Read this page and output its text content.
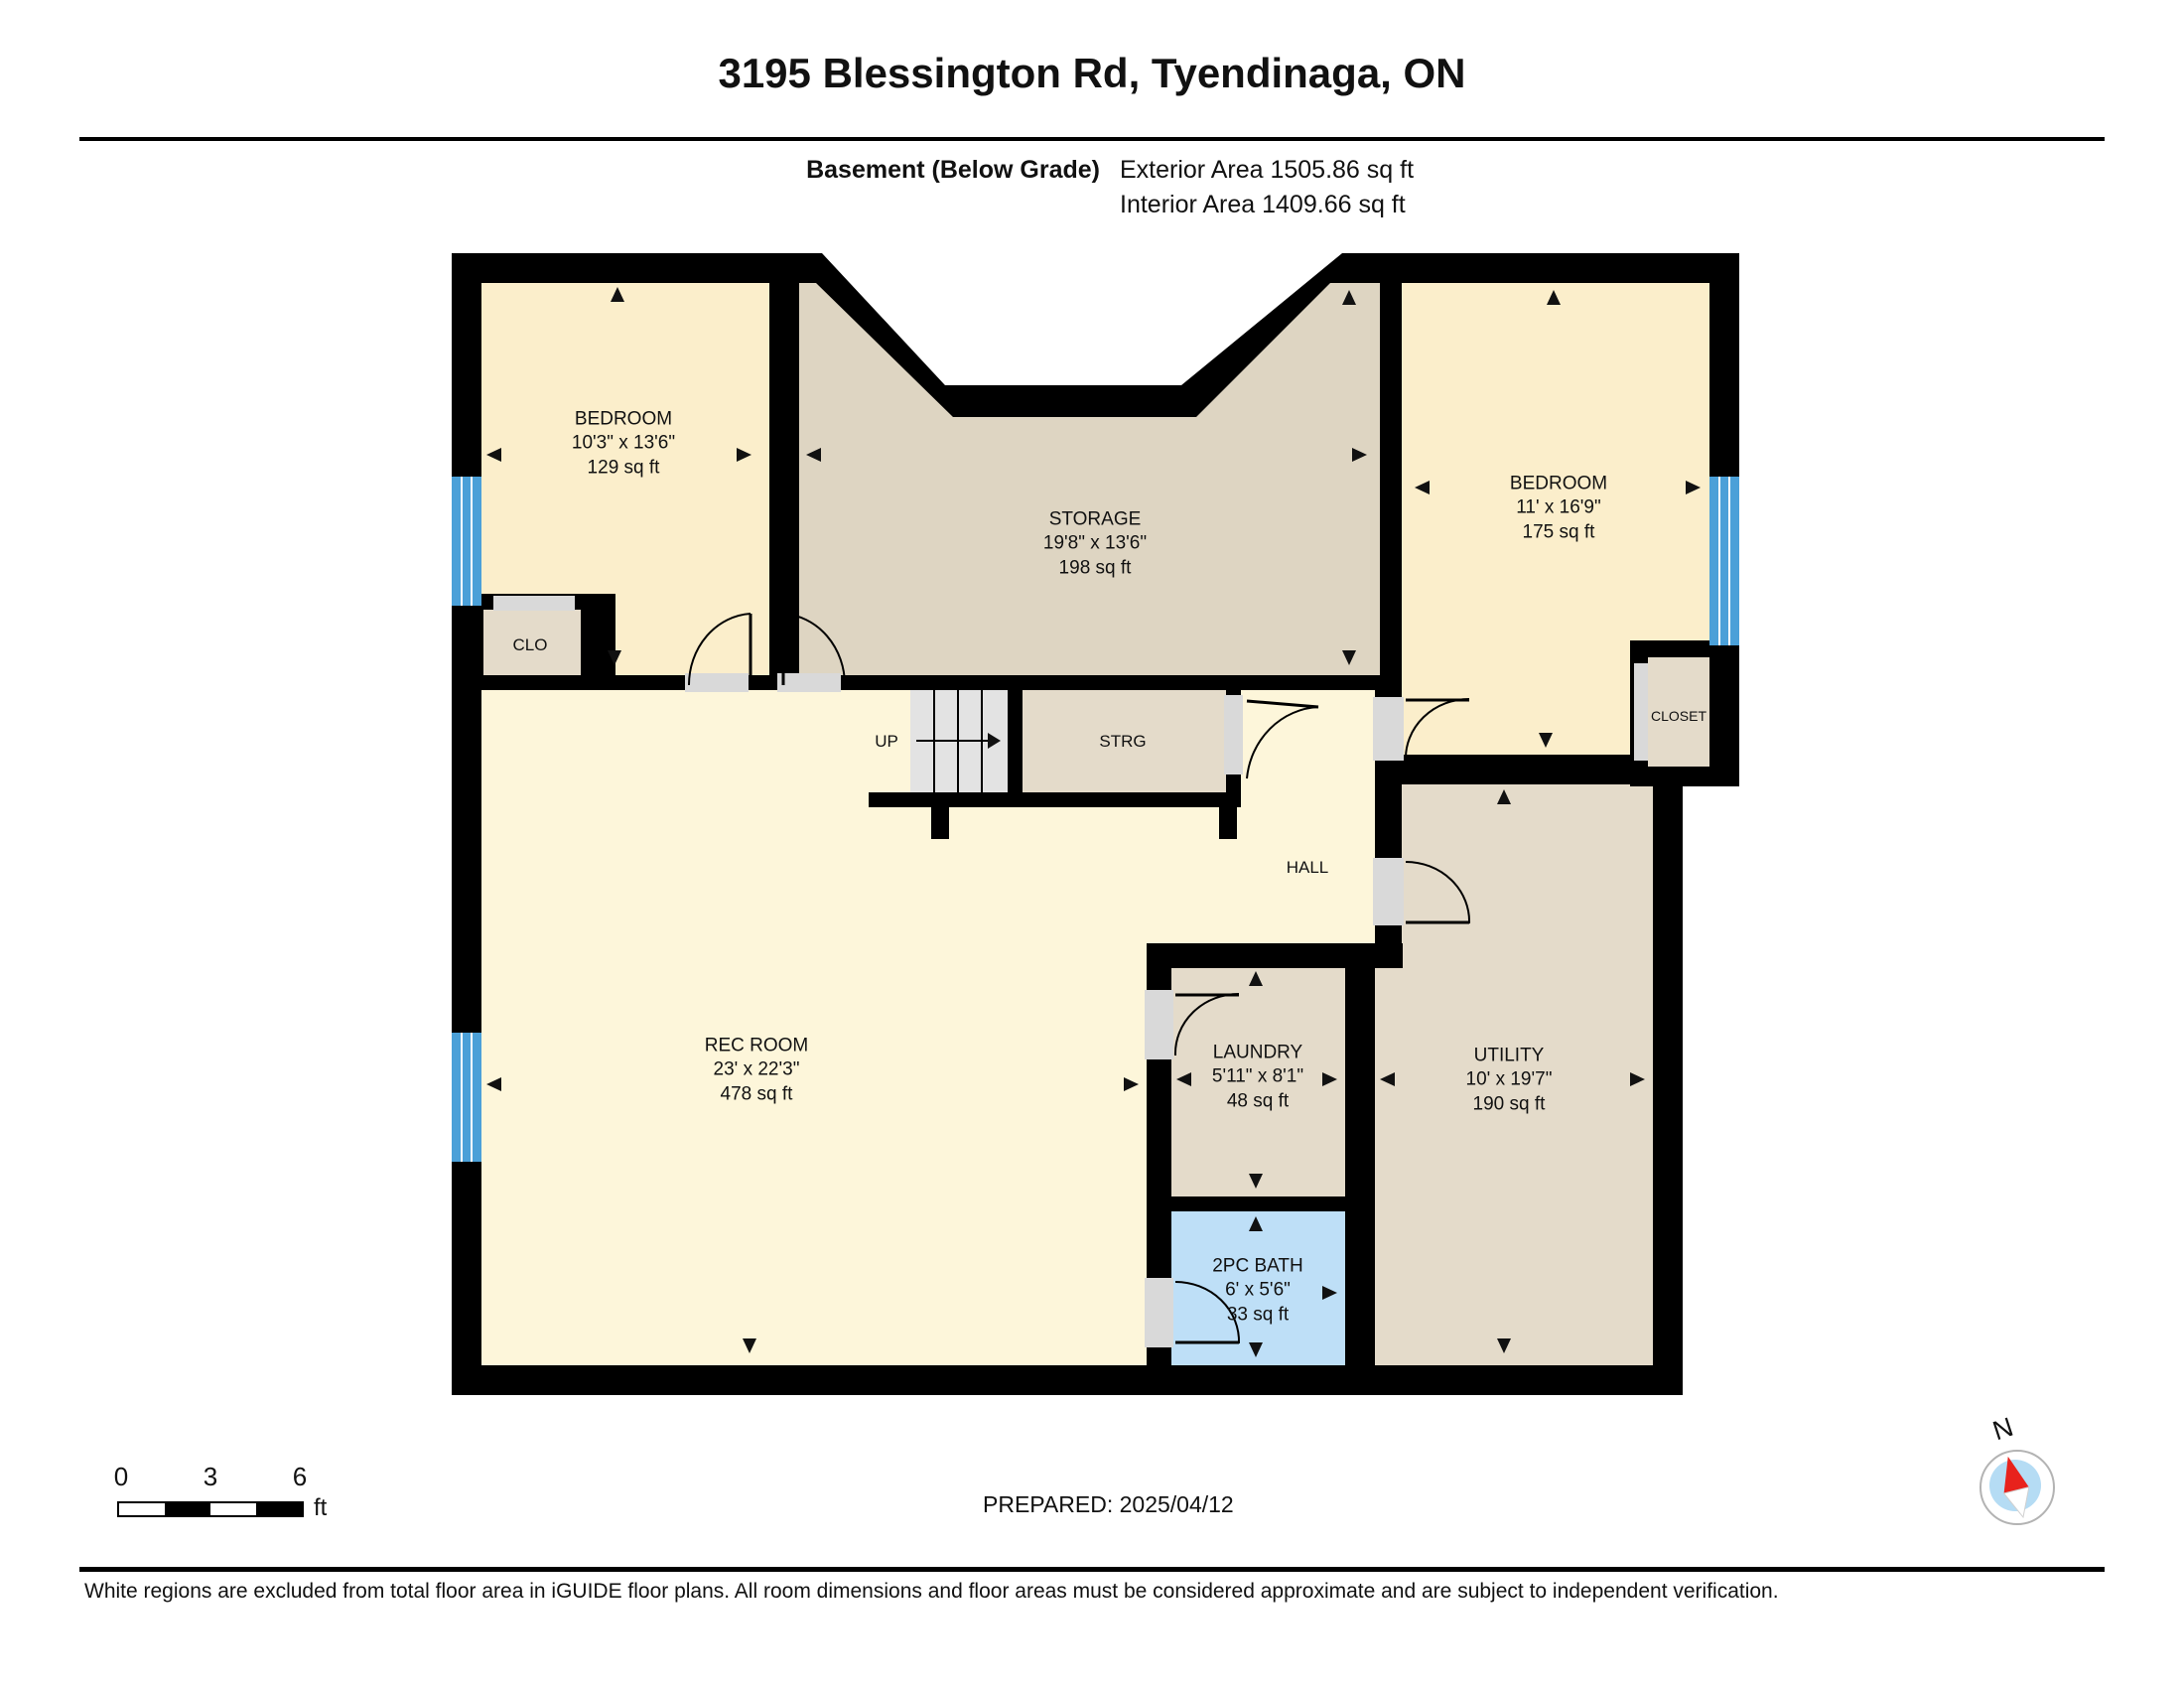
3195 Blessington Rd, Tyendinaga, ON
Basement (Below Grade) Exterior Area 1505.86 sq ft
Interior Area 1409.66 sq ft
BEDROOM
10'3" x 13'6"
129 sq ft
STORAGE
19'8" x 13'6"
198 sq ft
BEDROOM
11' x 16'9"
175 sq ft
REC ROOM
23' x 22'3"
478 sq ft
LAUNDRY
5'11" x 8'1"
48 sq ft
UTILITY
10' x 19'7"
190 sq ft
2PC BATH
6' x 5'6"
33 sq ft
CLO
UP	STRG
HALL
CLOSET
0	3	6
ft	PREPARED: 2025/04/12
N
White regions are excluded from total floor area in iGUIDE floor plans. All room dimensions and floor areas must be considered approximate and are subject to independent verification.
